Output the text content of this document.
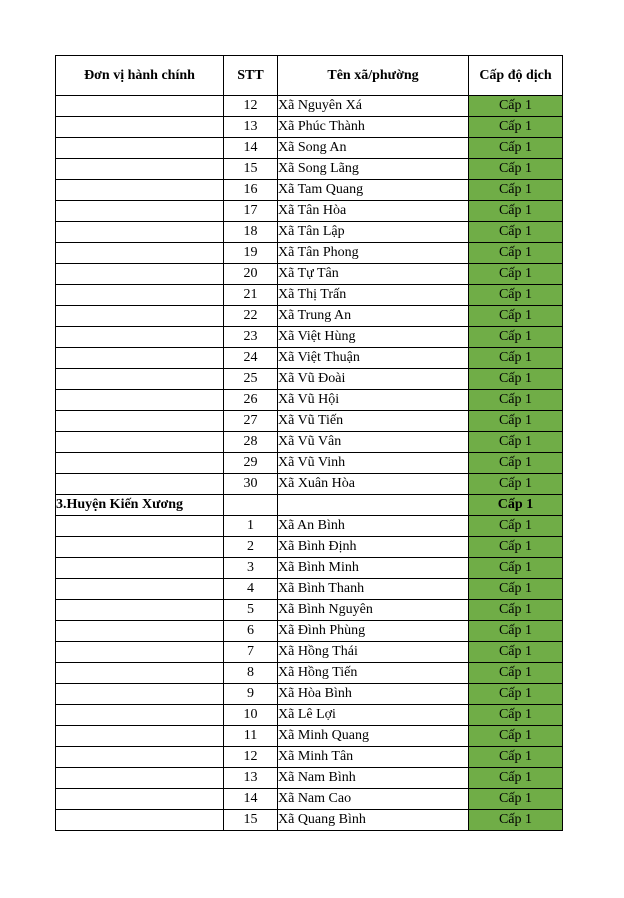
Đơn vị hành chính	STT	Tên xã/phường	Cấp độ dịch
	12	Xã Nguyên Xá	Cấp 1
	13	Xã Phúc Thành	Cấp 1
	14	Xã Song An	Cấp 1
	15	Xã Song Lãng	Cấp 1
	16	Xã Tam Quang	Cấp 1
	17	Xã Tân Hòa	Cấp 1
	18	Xã Tân Lập	Cấp 1
	19	Xã Tân Phong	Cấp 1
	20	Xã Tự Tân	Cấp 1
	21	Xã Thị Trấn	Cấp 1
	22	Xã Trung An	Cấp 1
	23	Xã Việt Hùng	Cấp 1
	24	Xã Việt Thuận	Cấp 1
	25	Xã Vũ Đoài	Cấp 1
	26	Xã Vũ Hội	Cấp 1
	27	Xã Vũ Tiến	Cấp 1
	28	Xã Vũ Vân	Cấp 1
	29	Xã Vũ Vinh	Cấp 1
	30	Xã Xuân Hòa	Cấp 1
3.Huyện Kiến Xương			Cấp 1
	1	Xã An Bình	Cấp 1
	2	Xã Bình Định	Cấp 1
	3	Xã Bình Minh	Cấp 1
	4	Xã Bình Thanh	Cấp 1
	5	Xã Bình Nguyên	Cấp 1
	6	Xã Đình Phùng	Cấp 1
	7	Xã Hồng Thái	Cấp 1
	8	Xã Hồng Tiến	Cấp 1
	9	Xã Hòa Bình	Cấp 1
	10	Xã Lê Lợi	Cấp 1
	11	Xã Minh Quang	Cấp 1
	12	Xã Minh Tân	Cấp 1
	13	Xã Nam Bình	Cấp 1
	14	Xã Nam Cao	Cấp 1
	15	Xã Quang Bình	Cấp 1
